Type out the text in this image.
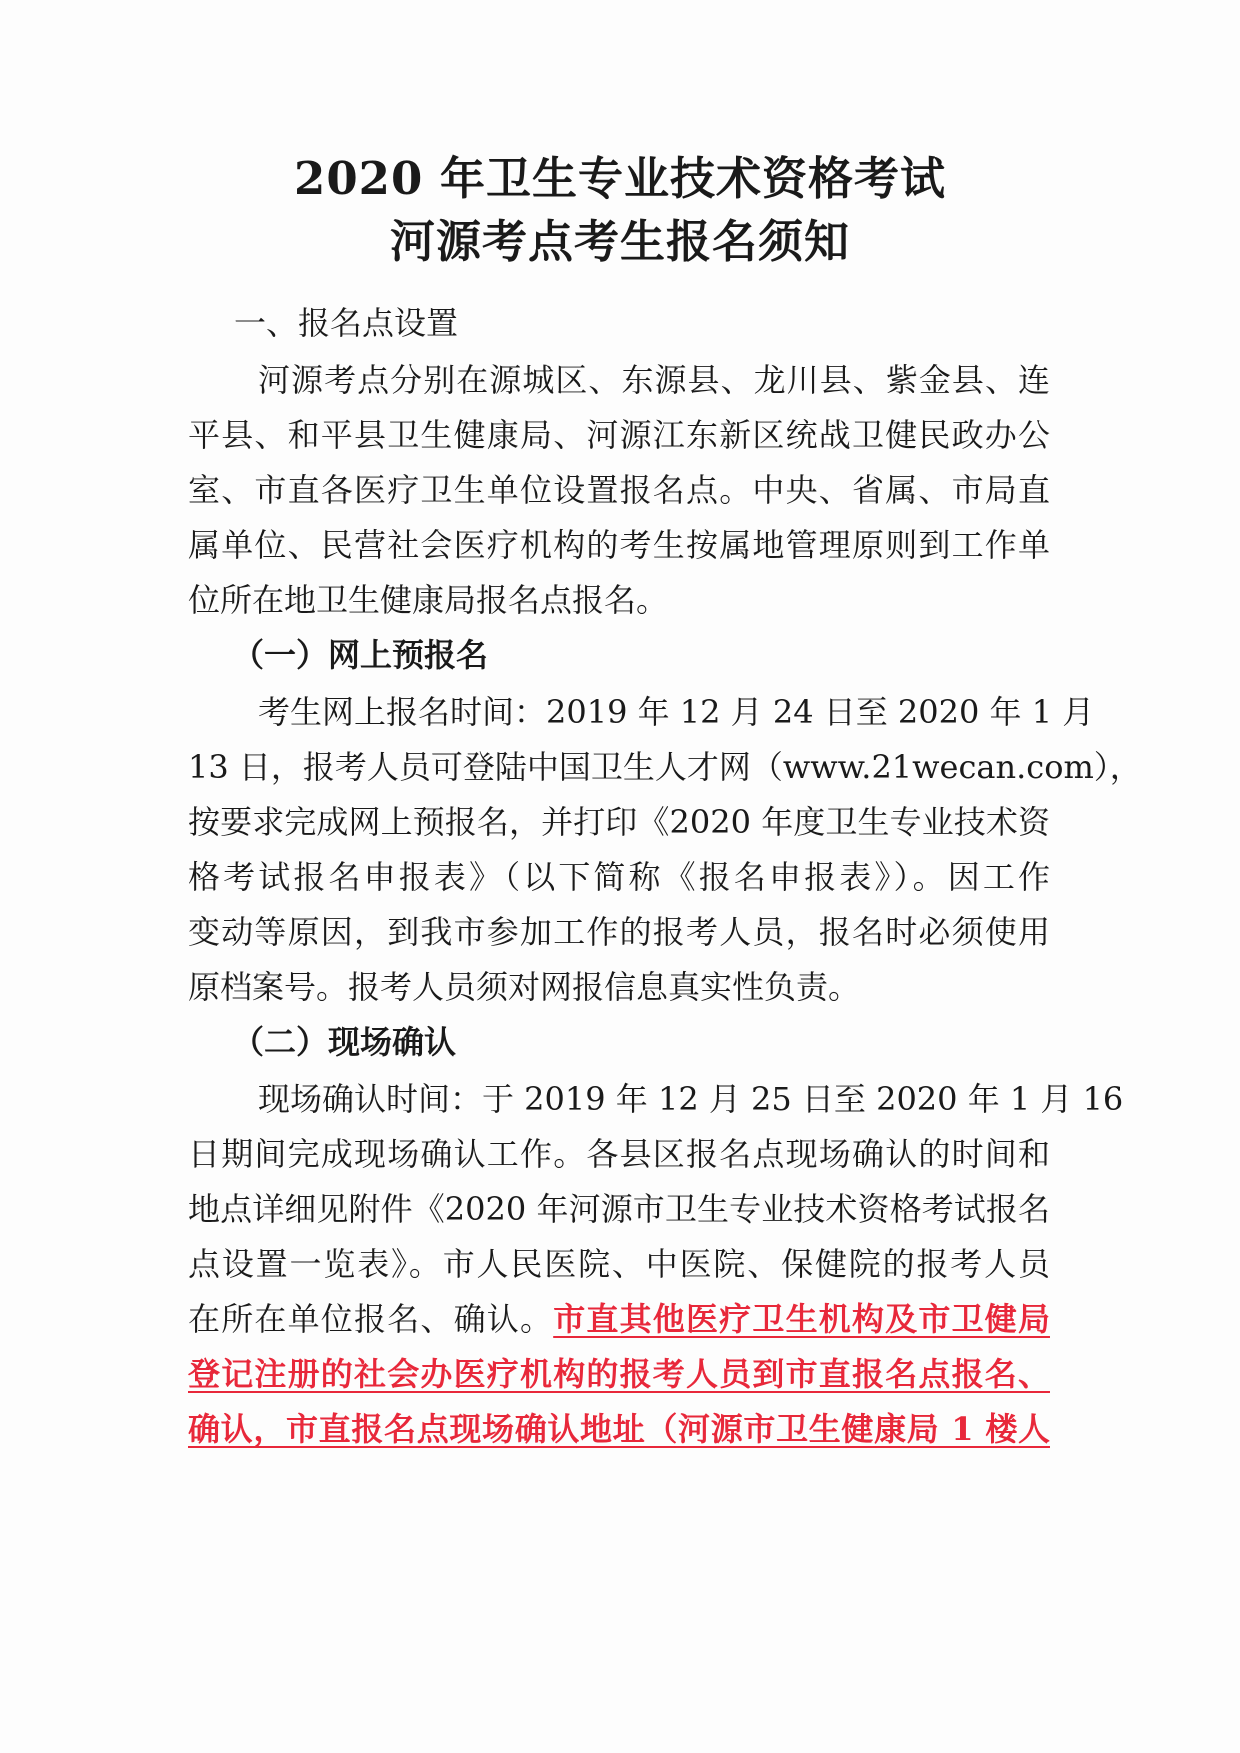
2020 年卫生专业技术资格考试
河源考点考生报名须知
一、报名点设置
河源考点分别在源城区、东源县、龙川县、紫金县、连
平县、和平县卫生健康局、河源江东新区统战卫健民政办公
室、市直各医疗卫生单位设置报名点。中央、省属、市局直
属单位、民营社会医疗机构的考生按属地管理原则到工作单
位所在地卫生健康局报名点报名。
（一）网上预报名
考生网上报名时间：2019 年 12 月 24 日至 2020 年 1 月
13 日，报考人员可登陆中国卫生人才网（www.21wecan.com），
按要求完成网上预报名，并打印《2020 年度卫生专业技术资
格考试报名申报表》（以下简称《报名申报表》）。因工作
变动等原因，到我市参加工作的报考人员，报名时必须使用
原档案号。报考人员须对网报信息真实性负责。
（二）现场确认
现场确认时间：于 2019 年 12 月 25 日至 2020 年 1 月 16
日期间完成现场确认工作。各县区报名点现场确认的时间和
地点详细见附件《2020 年河源市卫生专业技术资格考试报名
点设置一览表》。市人民医院、中医院、保健院的报考人员
在所在单位报名、确认。市直其他医疗卫生机构及市卫健局
登记注册的社会办医疗机构的报考人员到市直报名点报名、
确认，市直报名点现场确认地址（河源市卫生健康局 1 楼人
